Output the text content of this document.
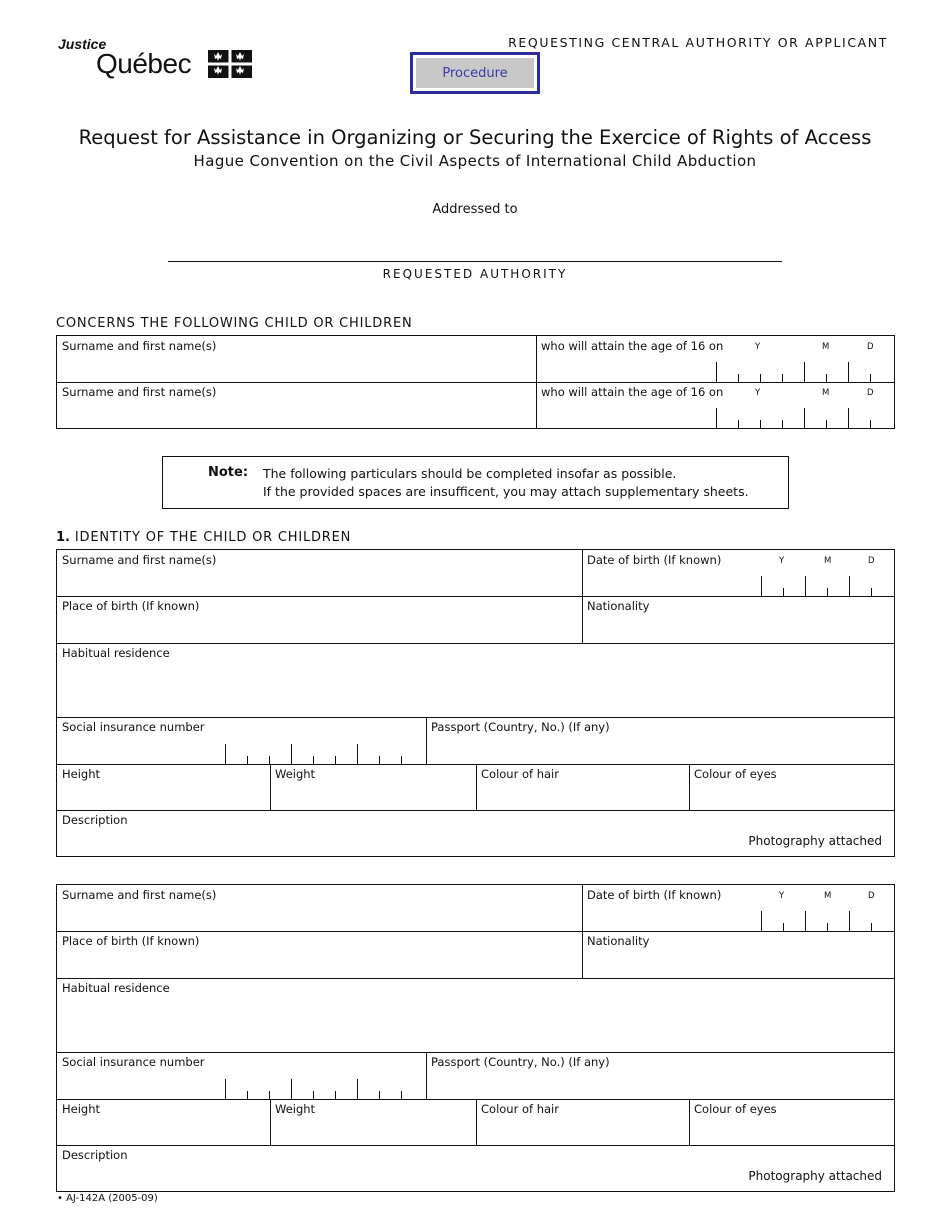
Justice
Québec
REQUESTING CENTRAL AUTHORITY OR APPLICANT
Procedure
Request for Assistance in Organizing or Securing the Exercice of Rights of Access
Hague Convention on the Civil Aspects of International Child Abduction
Addressed to
REQUESTED AUTHORITY
CONCERNS THE FOLLOWING CHILD OR CHILDREN
Surname and first name(s)	who will attain the age of 16 on	Y	M	D
Surname and first name(s)	who will attain the age of 16 on	Y	M	D
Note: The following particulars should be completed insofar as possible.
If the provided spaces are insufficent, you may attach supplementary sheets.
1. IDENTITY OF THE CHILD OR CHILDREN
Surname and first name(s)	Date of birth (If known)	Y	M	D
Place of birth (If known)	Nationality
Habitual residence
Social insurance number	Passport (Country, No.) (If any)
Height	Weight	Colour of hair	Colour of eyes
Description
Photography attached
Surname and first name(s)	Date of birth (If known)	Y	M	D
Place of birth (If known)	Nationality
Habitual residence
Social insurance number	Passport (Country, No.) (If any)
Height	Weight	Colour of hair	Colour of eyes
Description
Photography attached
• AJ-142A (2005-09)
